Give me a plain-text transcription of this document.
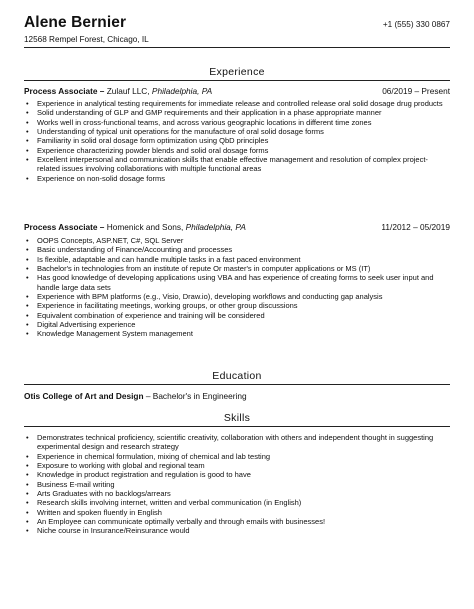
Alene Bernier	+1 (555) 330 0867
12568 Rempel Forest, Chicago, IL
Experience
Process Associate – Zulauf LLC, Philadelphia, PA	06/2019 – Present
• Experience in analytical testing requirements for immediate release and controlled release oral solid dosage drug products
• Solid understanding of GLP and GMP requirements and their application in a phase appropriate manner
• Works well in cross-functional teams, and across various geographic locations in different time zones
• Understanding of typical unit operations for the manufacture of oral solid dosage forms
• Familiarity in solid oral dosage form optimization using QbD principles
• Experience characterizing powder blends and solid oral dosage forms
• Excellent interpersonal and communication skills that enable effective management and resolution of complex project-related issues involving collaborations with multiple functional areas
• Experience on non-solid dosage forms
Process Associate – Homenick and Sons, Philadelphia, PA	11/2012 – 05/2019
• OOPS Concepts, ASP.NET, C#, SQL Server
• Basic understanding of Finance/Accounting and processes
• Is flexible, adaptable and can handle multiple tasks in a fast paced environment
• Bachelor's in technologies from an institute of repute Or master's in computer applications or MS (IT)
• Has good knowledge of developing applications using VBA and has experience of creating forms to seek user input and handle large data sets
• Experience with BPM platforms (e.g., Visio, Draw.io), developing workflows and conducting gap analysis
• Experience in facilitating meetings, working groups, or other group discussions
• Equivalent combination of experience and training will be considered
• Digital Advertising experience
• Knowledge Management System management
Education
Otis College of Art and Design – Bachelor's in Engineering
Skills
• Demonstrates technical proficiency, scientific creativity, collaboration with others and independent thought in suggesting experimental design and research strategy
• Experience in chemical formulation, mixing of chemical and lab testing
• Exposure to working with global and regional team
• Knowledge in product registration and regulation is good to have
• Business E-mail writing
• Arts Graduates with no backlogs/arrears
• Research skills involving internet, written and verbal communication (in English)
• Written and spoken fluently in English
• An Employee can communicate optimally verbally and through emails with businesses!
• Niche course in Insurance/Reinsurance would
